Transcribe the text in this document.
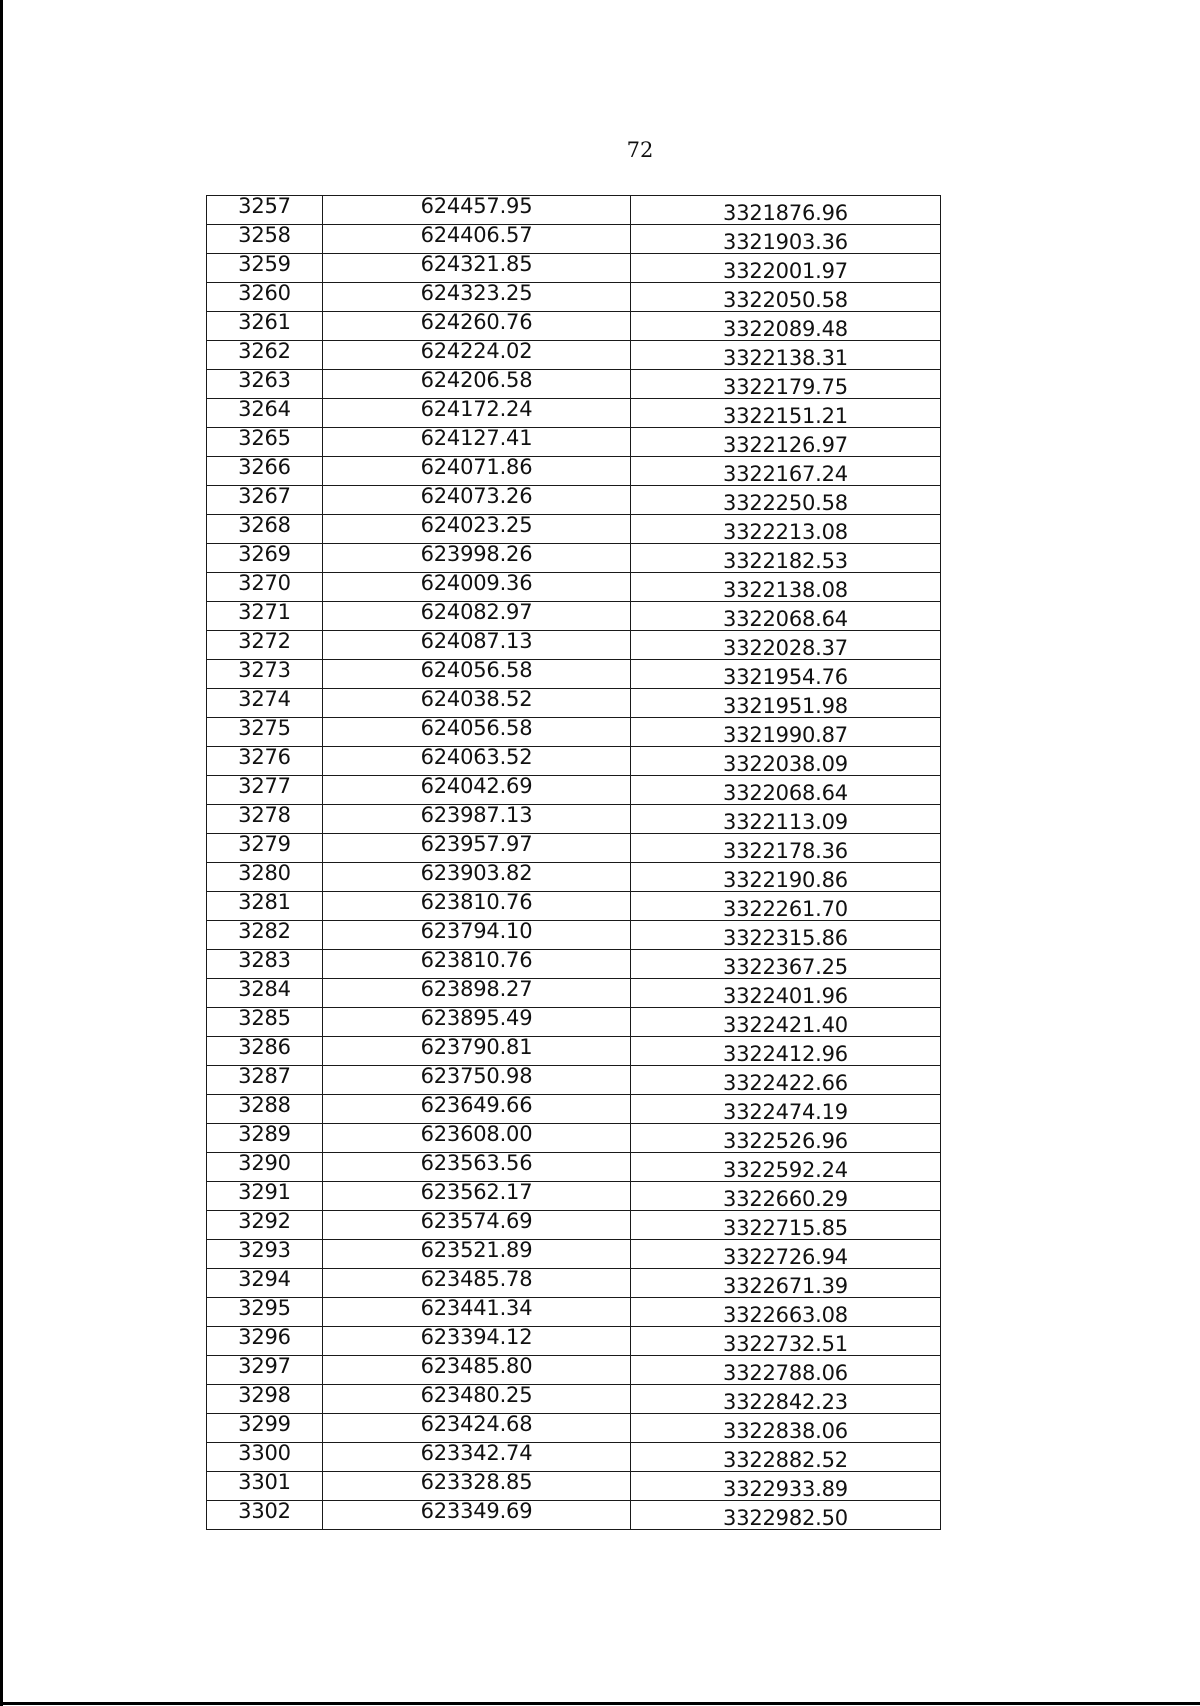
72
3257	624457.95	3321876.96
3258	624406.57	3321903.36
3259	624321.85	3322001.97
3260	624323.25	3322050.58
3261	624260.76	3322089.48
3262	624224.02	3322138.31
3263	624206.58	3322179.75
3264	624172.24	3322151.21
3265	624127.41	3322126.97
3266	624071.86	3322167.24
3267	624073.26	3322250.58
3268	624023.25	3322213.08
3269	623998.26	3322182.53
3270	624009.36	3322138.08
3271	624082.97	3322068.64
3272	624087.13	3322028.37
3273	624056.58	3321954.76
3274	624038.52	3321951.98
3275	624056.58	3321990.87
3276	624063.52	3322038.09
3277	624042.69	3322068.64
3278	623987.13	3322113.09
3279	623957.97	3322178.36
3280	623903.82	3322190.86
3281	623810.76	3322261.70
3282	623794.10	3322315.86
3283	623810.76	3322367.25
3284	623898.27	3322401.96
3285	623895.49	3322421.40
3286	623790.81	3322412.96
3287	623750.98	3322422.66
3288	623649.66	3322474.19
3289	623608.00	3322526.96
3290	623563.56	3322592.24
3291	623562.17	3322660.29
3292	623574.69	3322715.85
3293	623521.89	3322726.94
3294	623485.78	3322671.39
3295	623441.34	3322663.08
3296	623394.12	3322732.51
3297	623485.80	3322788.06
3298	623480.25	3322842.23
3299	623424.68	3322838.06
3300	623342.74	3322882.52
3301	623328.85	3322933.89
3302	623349.69	3322982.50
